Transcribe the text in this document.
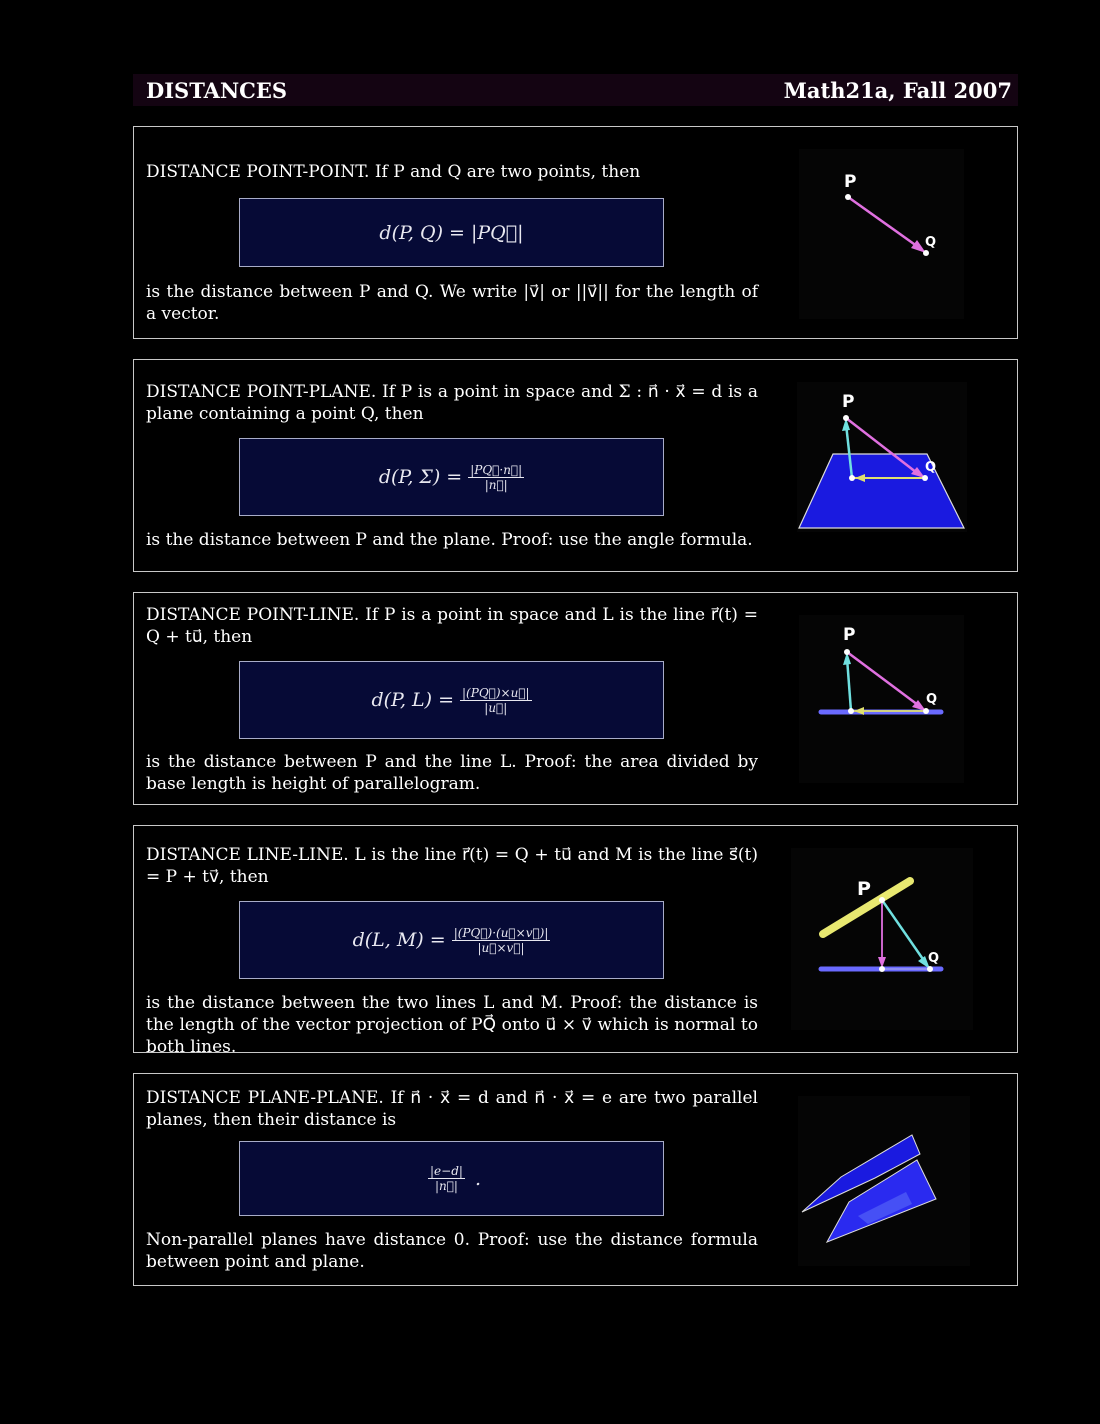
DISTANCES	Math21a, Fall 2007
DISTANCE POINT-POINT. If P and Q are two points, then
d(P, Q) = |PQ⃗|
is the distance between P and Q. We write |v⃗| or ||v⃗|| for the length of a vector.
P
Q
DISTANCE POINT-PLANE. If P is a point in space and Σ : n⃗ · x⃗ = d is a plane containing a point Q, then
d(P, $\Sigma) = \frac{|PQ⃗\cdot n⃗|}{|n⃗|}$
is the distance between P and the plane. Proof: use the angle formula.
P
Q
DISTANCE POINT-LINE. If P is a point in space and L is the line r⃗(t) = Q + tu⃗, then
d(P, $L) = \frac{|(PQ⃗)\times u⃗|}{|u⃗|}$
is the distance between P and the line L. Proof: the area divided by base length is height of parallelogram.
P
Q
DISTANCE LINE-LINE. L is the line r⃗(t) = Q + tu⃗ and M is the line s⃗(t) = P + tv⃗, then
d(L, $M) = \frac{|(PQ⃗)\cdot(u⃗\times v⃗)|}{|u⃗\times v⃗|}$
is the distance between the two lines L and M. Proof: the distance is the length of the vector projection of PQ⃗ onto u⃗ × v⃗ which is normal to both lines.
P
Q
DISTANCE PLANE-PLANE. If n⃗ · x⃗ = d and n⃗ · x⃗ = e are two parallel planes, then their distance is
$\frac{|e-d|}{|n⃗|}$ .
Non-parallel planes have distance 0. Proof: use the distance formula between point and plane.
